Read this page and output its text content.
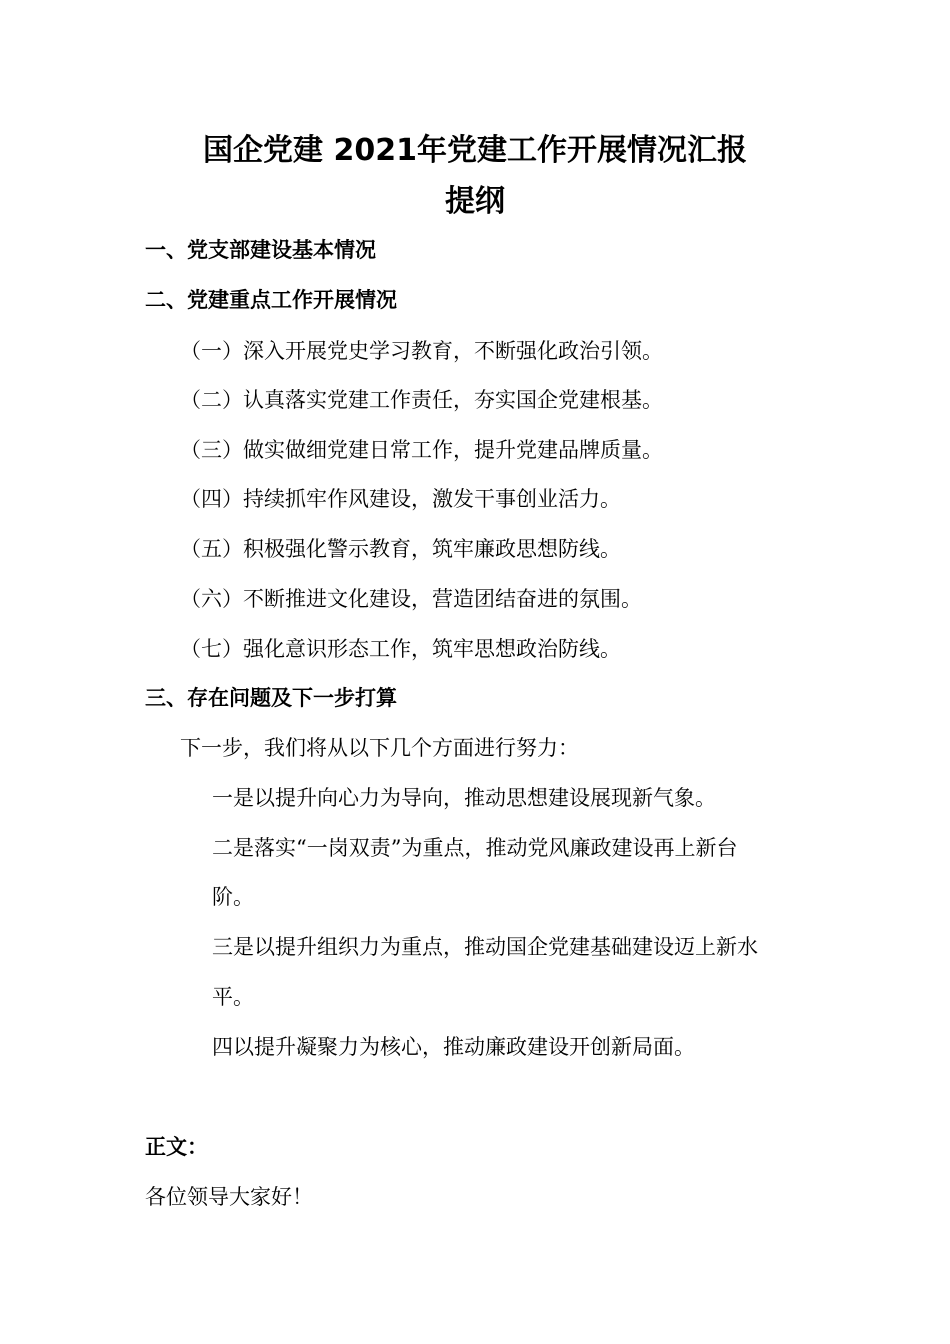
国企党建 2021年党建工作开展情况汇报
提纲
一、党支部建设基本情况
二、党建重点工作开展情况
（一）深入开展党史学习教育，不断强化政治引领。
（二）认真落实党建工作责任，夯实国企党建根基。
（三）做实做细党建日常工作，提升党建品牌质量。
（四）持续抓牢作风建设，激发干事创业活力。
（五）积极强化警示教育，筑牢廉政思想防线。
（六）不断推进文化建设，营造团结奋进的氛围。
（七）强化意识形态工作，筑牢思想政治防线。
三、存在问题及下一步打算
下一步，我们将从以下几个方面进行努力：
一是以提升向心力为导向，推动思想建设展现新气象。
二是落实“一岗双责”为重点，推动党风廉政建设再上新台
阶。
三是以提升组织力为重点，推动国企党建基础建设迈上新水
平。
四以提升凝聚力为核心，推动廉政建设开创新局面。
正文：
各位领导大家好！
